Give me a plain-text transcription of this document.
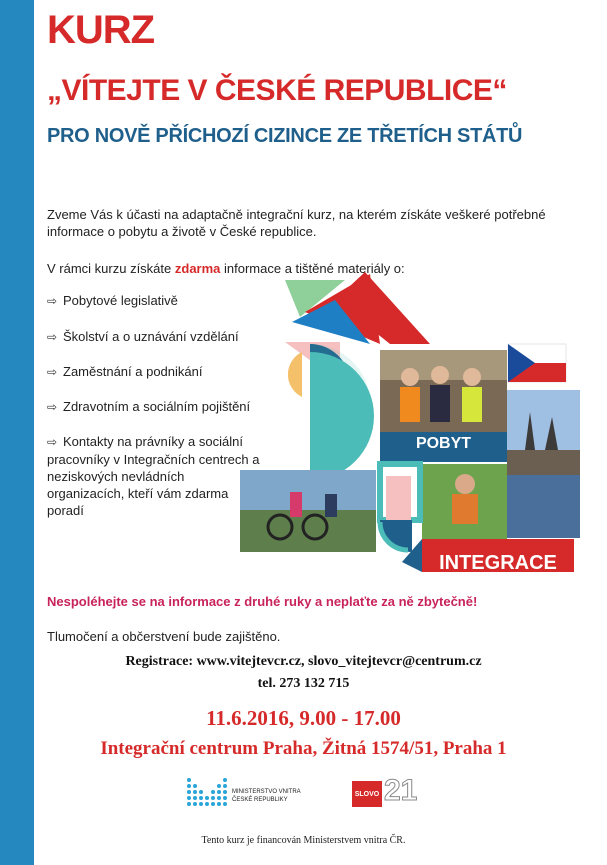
KURZ
„VÍTEJTE V ČESKÉ REPUBLICE“
PRO NOVĚ PŘÍCHOZÍ CIZINCE ZE TŘETÍCH STÁTŮ
Zveme Vás k účasti na adaptačně integrační kurz, na kterém získáte veškeré potřebné informace o pobytu a životě v České republice.
V rámci kurzu získáte zdarma informace a tištěné materiály o:
⇨ Pobytové legislativě
⇨ Školství a o uznávání vzdělání
⇨ Zaměstnání a podnikání
⇨ Zdravotním a sociálním pojištění
⇨ Kontakty na právníky a sociální pracovníky v Integračních centrech a neziskových nevládních organizacích, kteří vám zdarma poradí
POBYT
INTEGRACE
Nespoléhejte se na informace z druhé ruky a neplaťte za ně zbytečně!
Tlumočení a občerstvení bude zajištěno.
Registrace: www.vitejtevcr.cz, slovo_vitejtevcr@centrum.cz
tel. 273 132 715
11.6.2016, 9.00 - 17.00
Integrační centrum Praha, Žitná 1574/51, Praha 1
MINISTERSTVO VNITRA
ČESKÉ REPUBLIKY
SLOVO 21
Tento kurz je financován Ministerstvem vnitra ČR.
